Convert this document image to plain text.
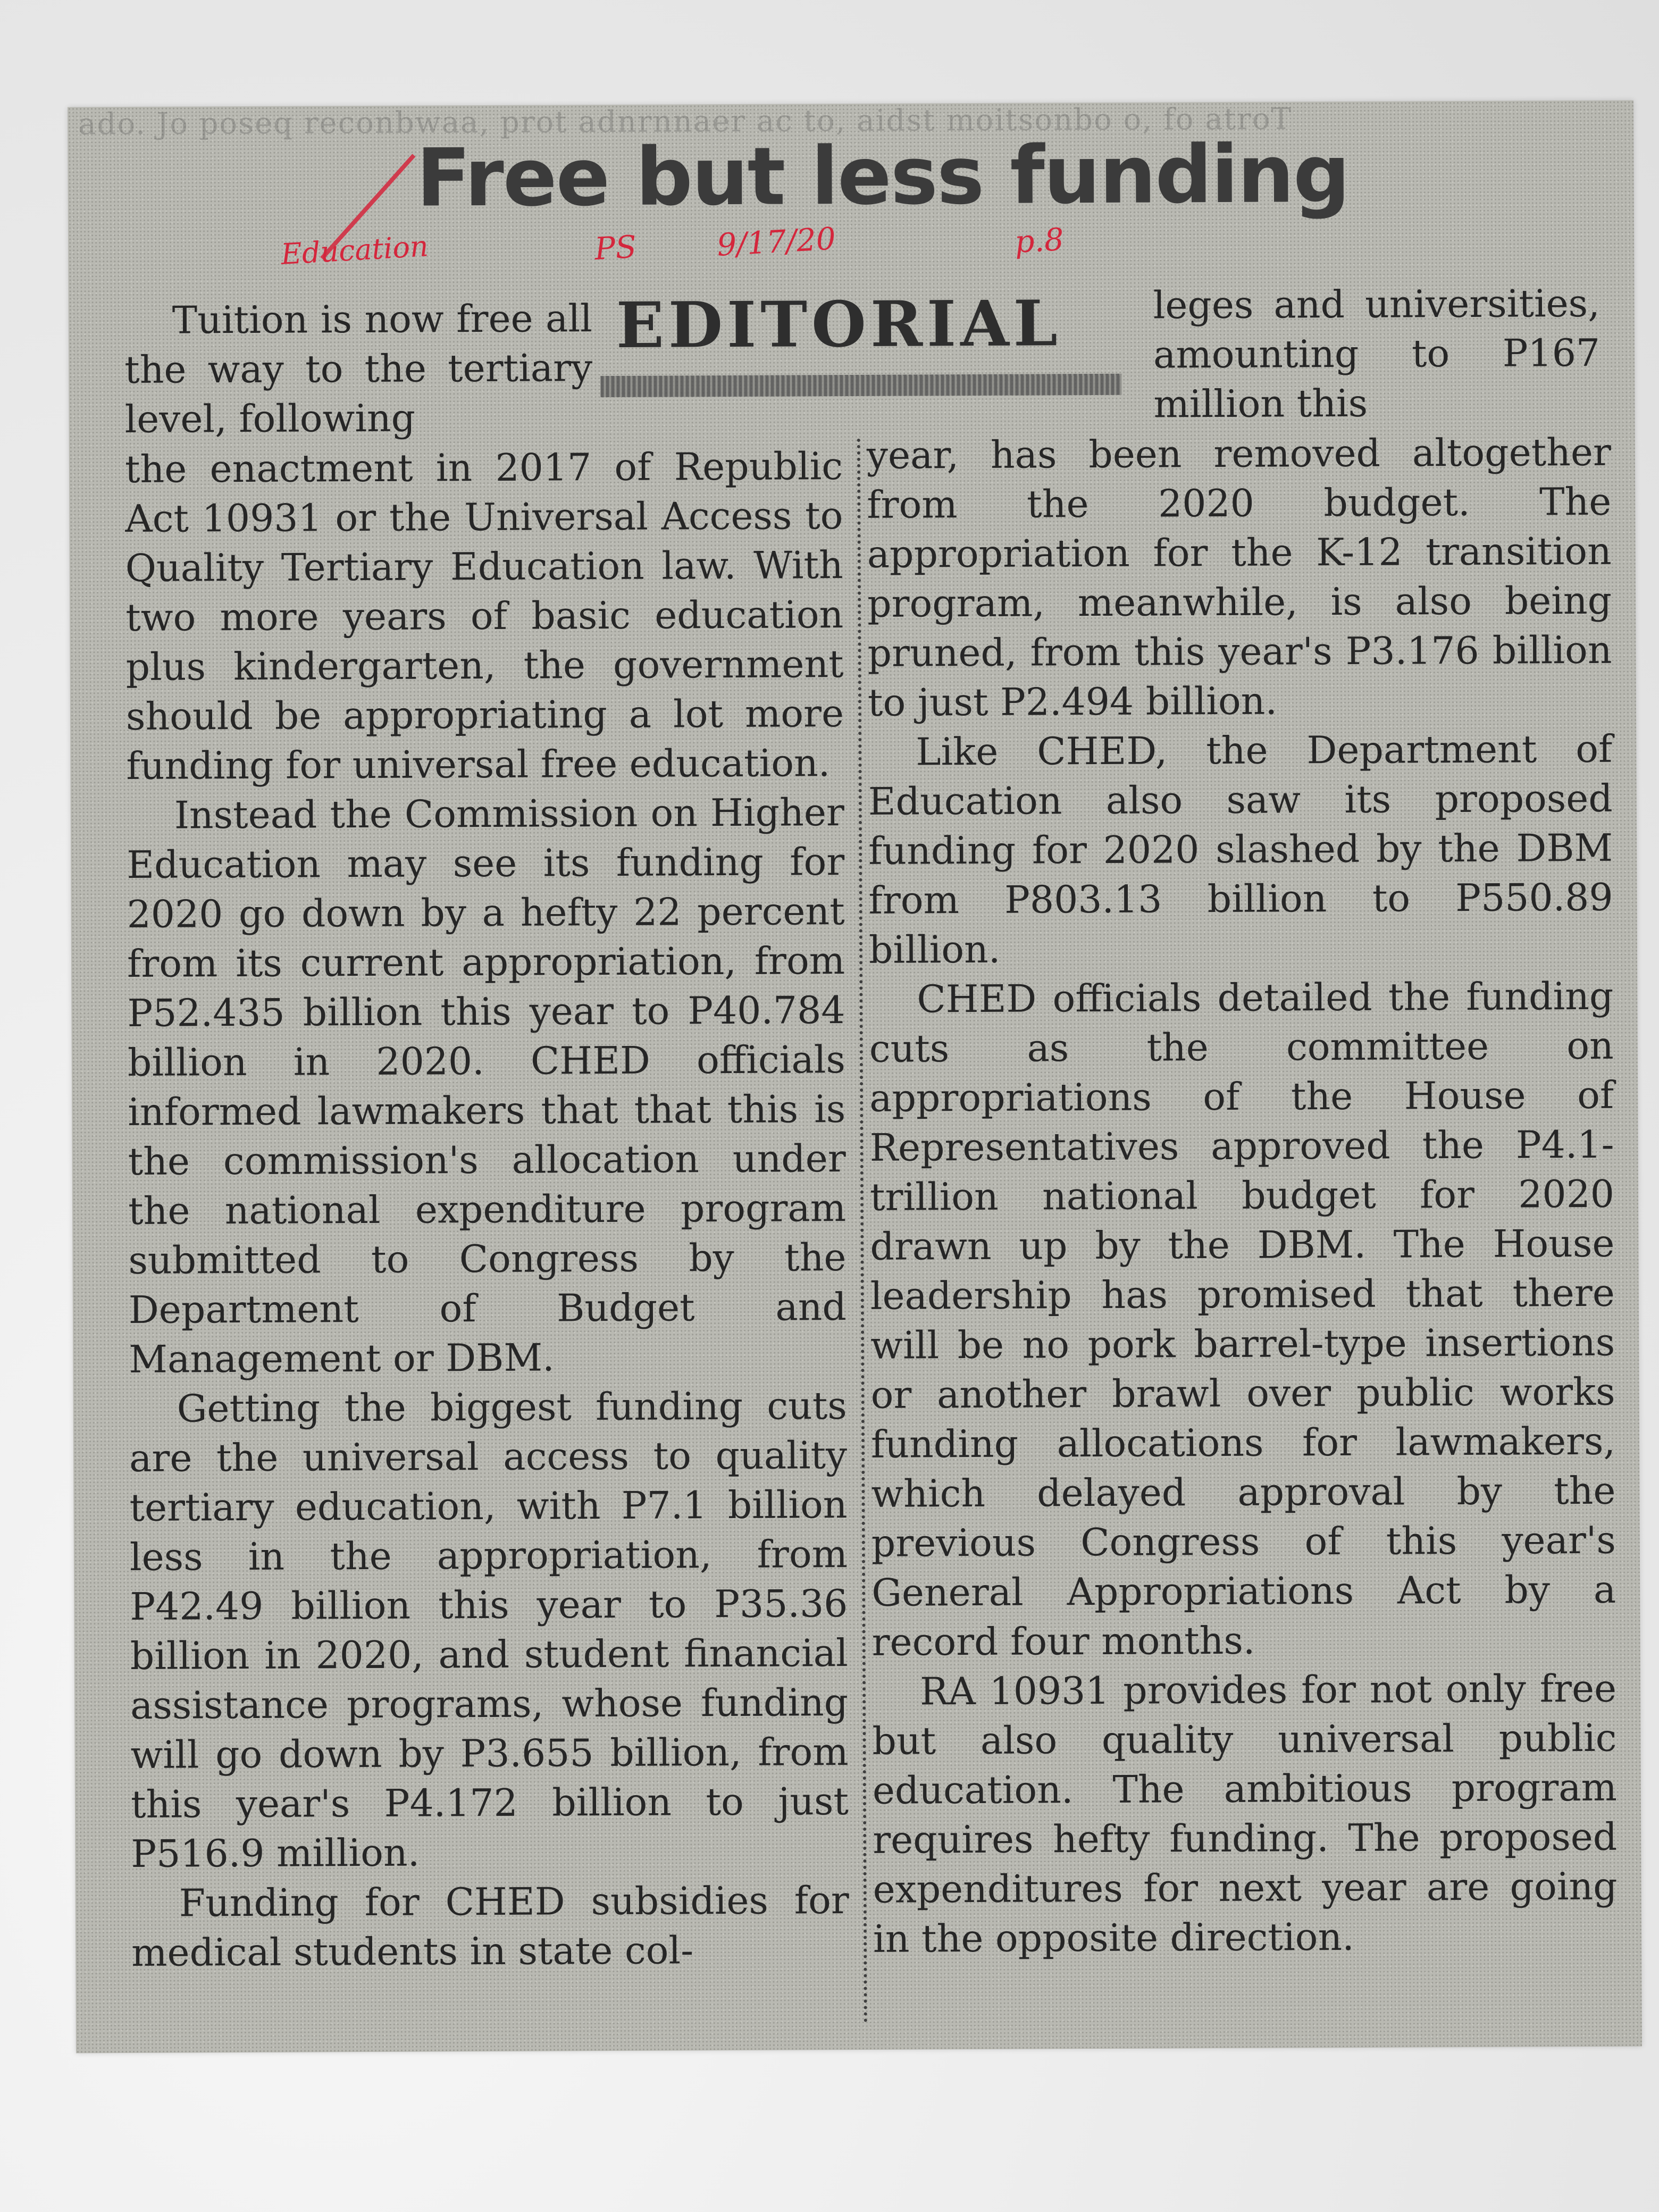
ado. Jo poseq reconbwaa, prot adnrnnaer ac to, aidst moitsonbo o, fo atroT
Free but less funding
Education	PS	9/17/20	p.8
EDITORIAL

Tuition is now free all the way to the tertiary level, following

the enactment in 2017 of Republic Act 10931 or the Universal Access to Quality Tertiary Education law. With two more years of basic education plus kindergarten, the government should be appropriating a lot more funding for universal free education.

Instead the Commission on Higher Education may see its funding for 2020 go down by a hefty 22 percent from its current appropriation, from P52.435 billion this year to P40.784 billion in 2020. CHED officials informed lawmakers that that this is the commission's allocation under the national expenditure program submitted to Congress by the Department of Budget and Management or DBM.

Getting the biggest funding cuts are the universal access to quality tertiary education, with P7.1 billion less in the appropriation, from P42.49 billion this year to P35.36 billion in 2020, and student financial assistance programs, whose funding will go down by P3.655 billion, from this year's P4.172 billion to just P516.9 million.

Funding for CHED subsidies for medical students in state col-

leges and universities, amounting to P167 million this

year, has been removed altogether from the 2020 budget. The appropriation for the K-12 transition program, meanwhile, is also being pruned, from this year's P3.176 billion to just P2.494 billion.

Like CHED, the Department of Education also saw its proposed funding for 2020 slashed by the DBM from P803.13 billion to P550.89 billion.

CHED officials detailed the funding cuts as the committee on appropriations of the House of Representatives approved the P4.1-trillion national budget for 2020 drawn up by the DBM. The House leadership has promised that there will be no pork barrel-type insertions or another brawl over public works funding allocations for lawmakers, which delayed approval by the previous Congress of this year's General Appropriations Act by a record four months.

RA 10931 provides for not only free but also quality universal public education. The ambitious program requires hefty funding. The proposed expenditures for next year are going in the opposite direction.
